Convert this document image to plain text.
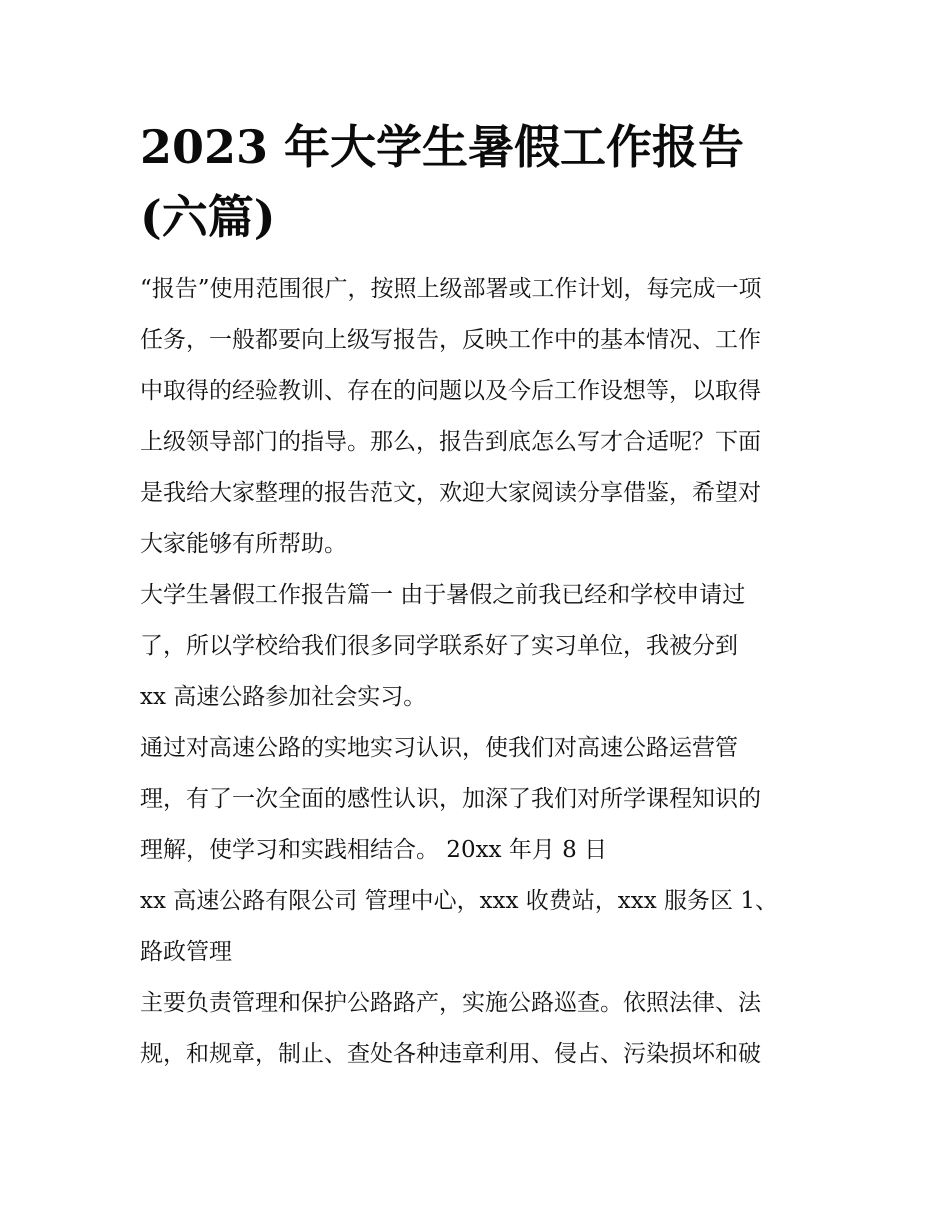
2023 年大学生暑假工作报告
(六篇)
“报告”使用范围很广，按照上级部署或工作计划，每完成一项
任务，一般都要向上级写报告，反映工作中的基本情况、工作
中取得的经验教训、存在的问题以及今后工作设想等，以取得
上级领导部门的指导。那么，报告到底怎么写才合适呢？下面
是我给大家整理的报告范文，欢迎大家阅读分享借鉴，希望对
大家能够有所帮助。
大学生暑假工作报告篇一 由于暑假之前我已经和学校申请过
了，所以学校给我们很多同学联系好了实习单位，我被分到
xx 高速公路参加社会实习。
通过对高速公路的实地实习认识，使我们对高速公路运营管
理，有了一次全面的感性认识，加深了我们对所学课程知识的
理解，使学习和实践相结合。 20xx 年月 8 日
xx 高速公路有限公司 管理中心，xxx 收费站，xxx 服务区 1、
路政管理
主要负责管理和保护公路路产，实施公路巡查。依照法律、法
规，和规章，制止、查处各种违章利用、侵占、污染损坏和破
